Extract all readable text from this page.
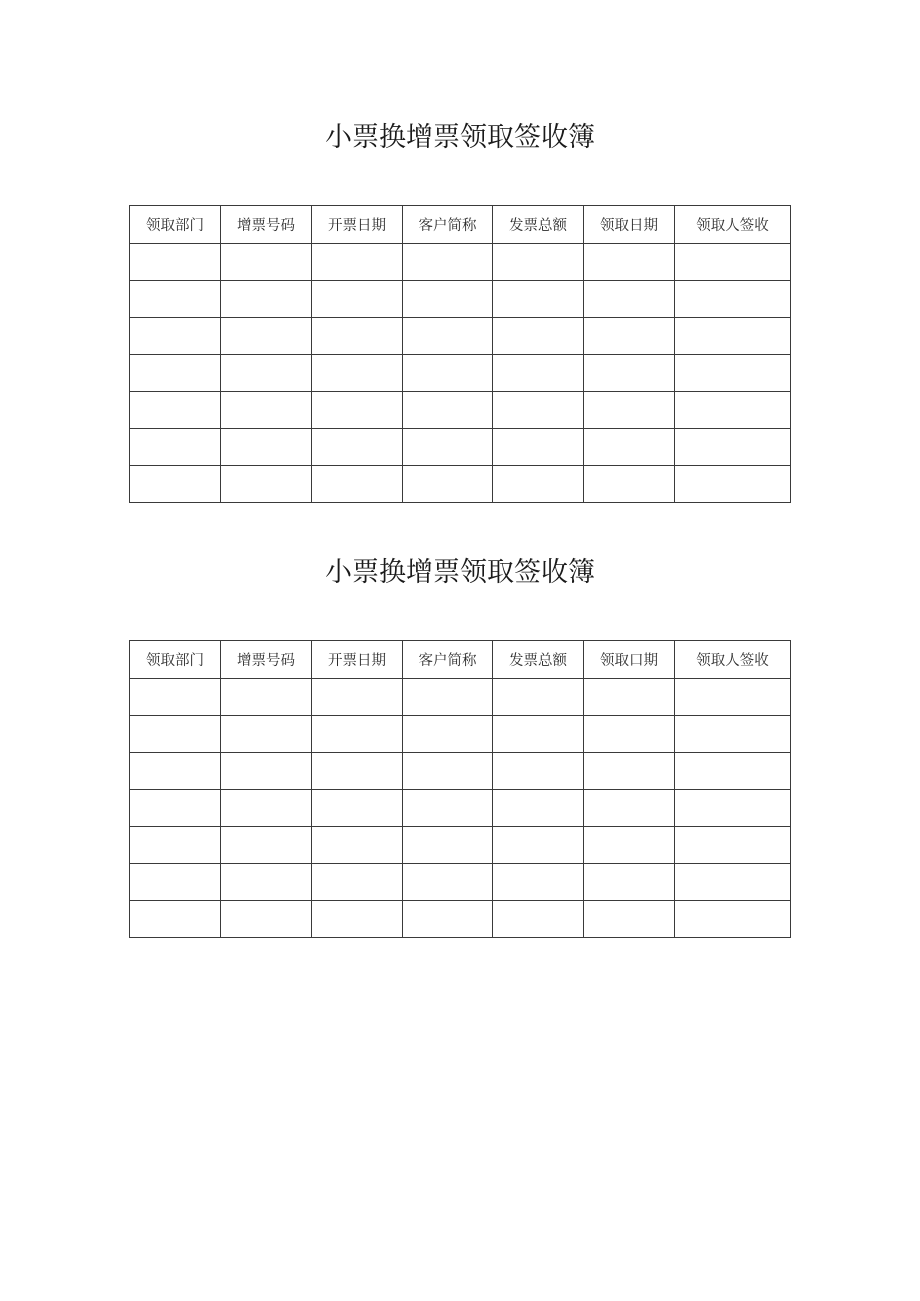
小票换增票领取签收簿
领取部门	增票号码	开票日期	客户简称	发票总额	领取日期	领取人签收

小票换增票领取签收簿
领取部门	增票号码	开票日期	客户简称	发票总额	领取口期	领取人签收
